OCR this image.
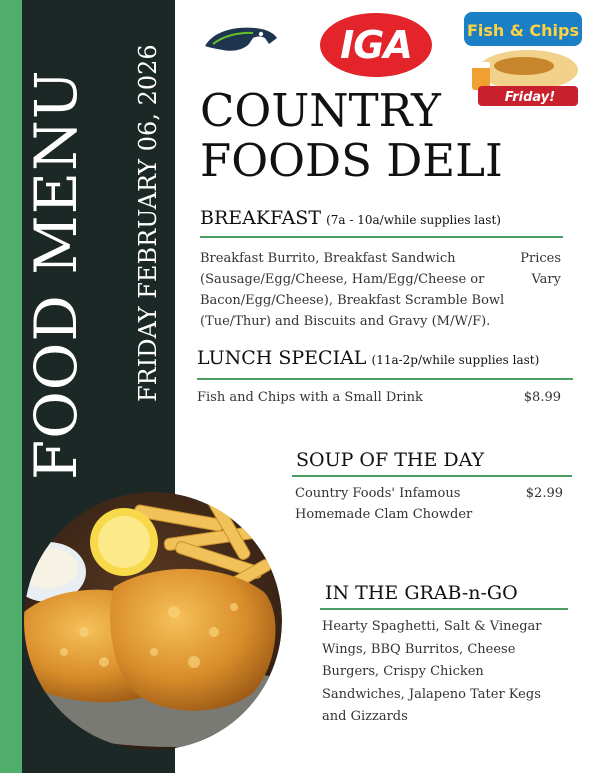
FOOD MENU FRIDAY FEBRUARY 06, 2026	IGA	Fish & Chips
Friday!
COUNTRY
FOODS DELI
BREAKFAST (7a - 10a/while supplies last)
Breakfast Burrito, Breakfast Sandwich
(Sausage/Egg/Cheese, Ham/Egg/Cheese or
Bacon/Egg/Cheese), Breakfast Scramble Bowl
(Tue/Thur) and Biscuits and Gravy (M/W/F).
Prices
Vary
LUNCH SPECIAL (11a-2p/while supplies last)
Fish and Chips with a Small Drink	$8.99
SOUP OF THE DAY
Country Foods' Infamous
Homemade Clam Chowder
$2.99
IN THE GRAB-n-GO
Hearty Spaghetti, Salt & Vinegar
Wings, BBQ Burritos, Cheese
Burgers, Crispy Chicken
Sandwiches, Jalapeno Tater Kegs
and Gizzards
